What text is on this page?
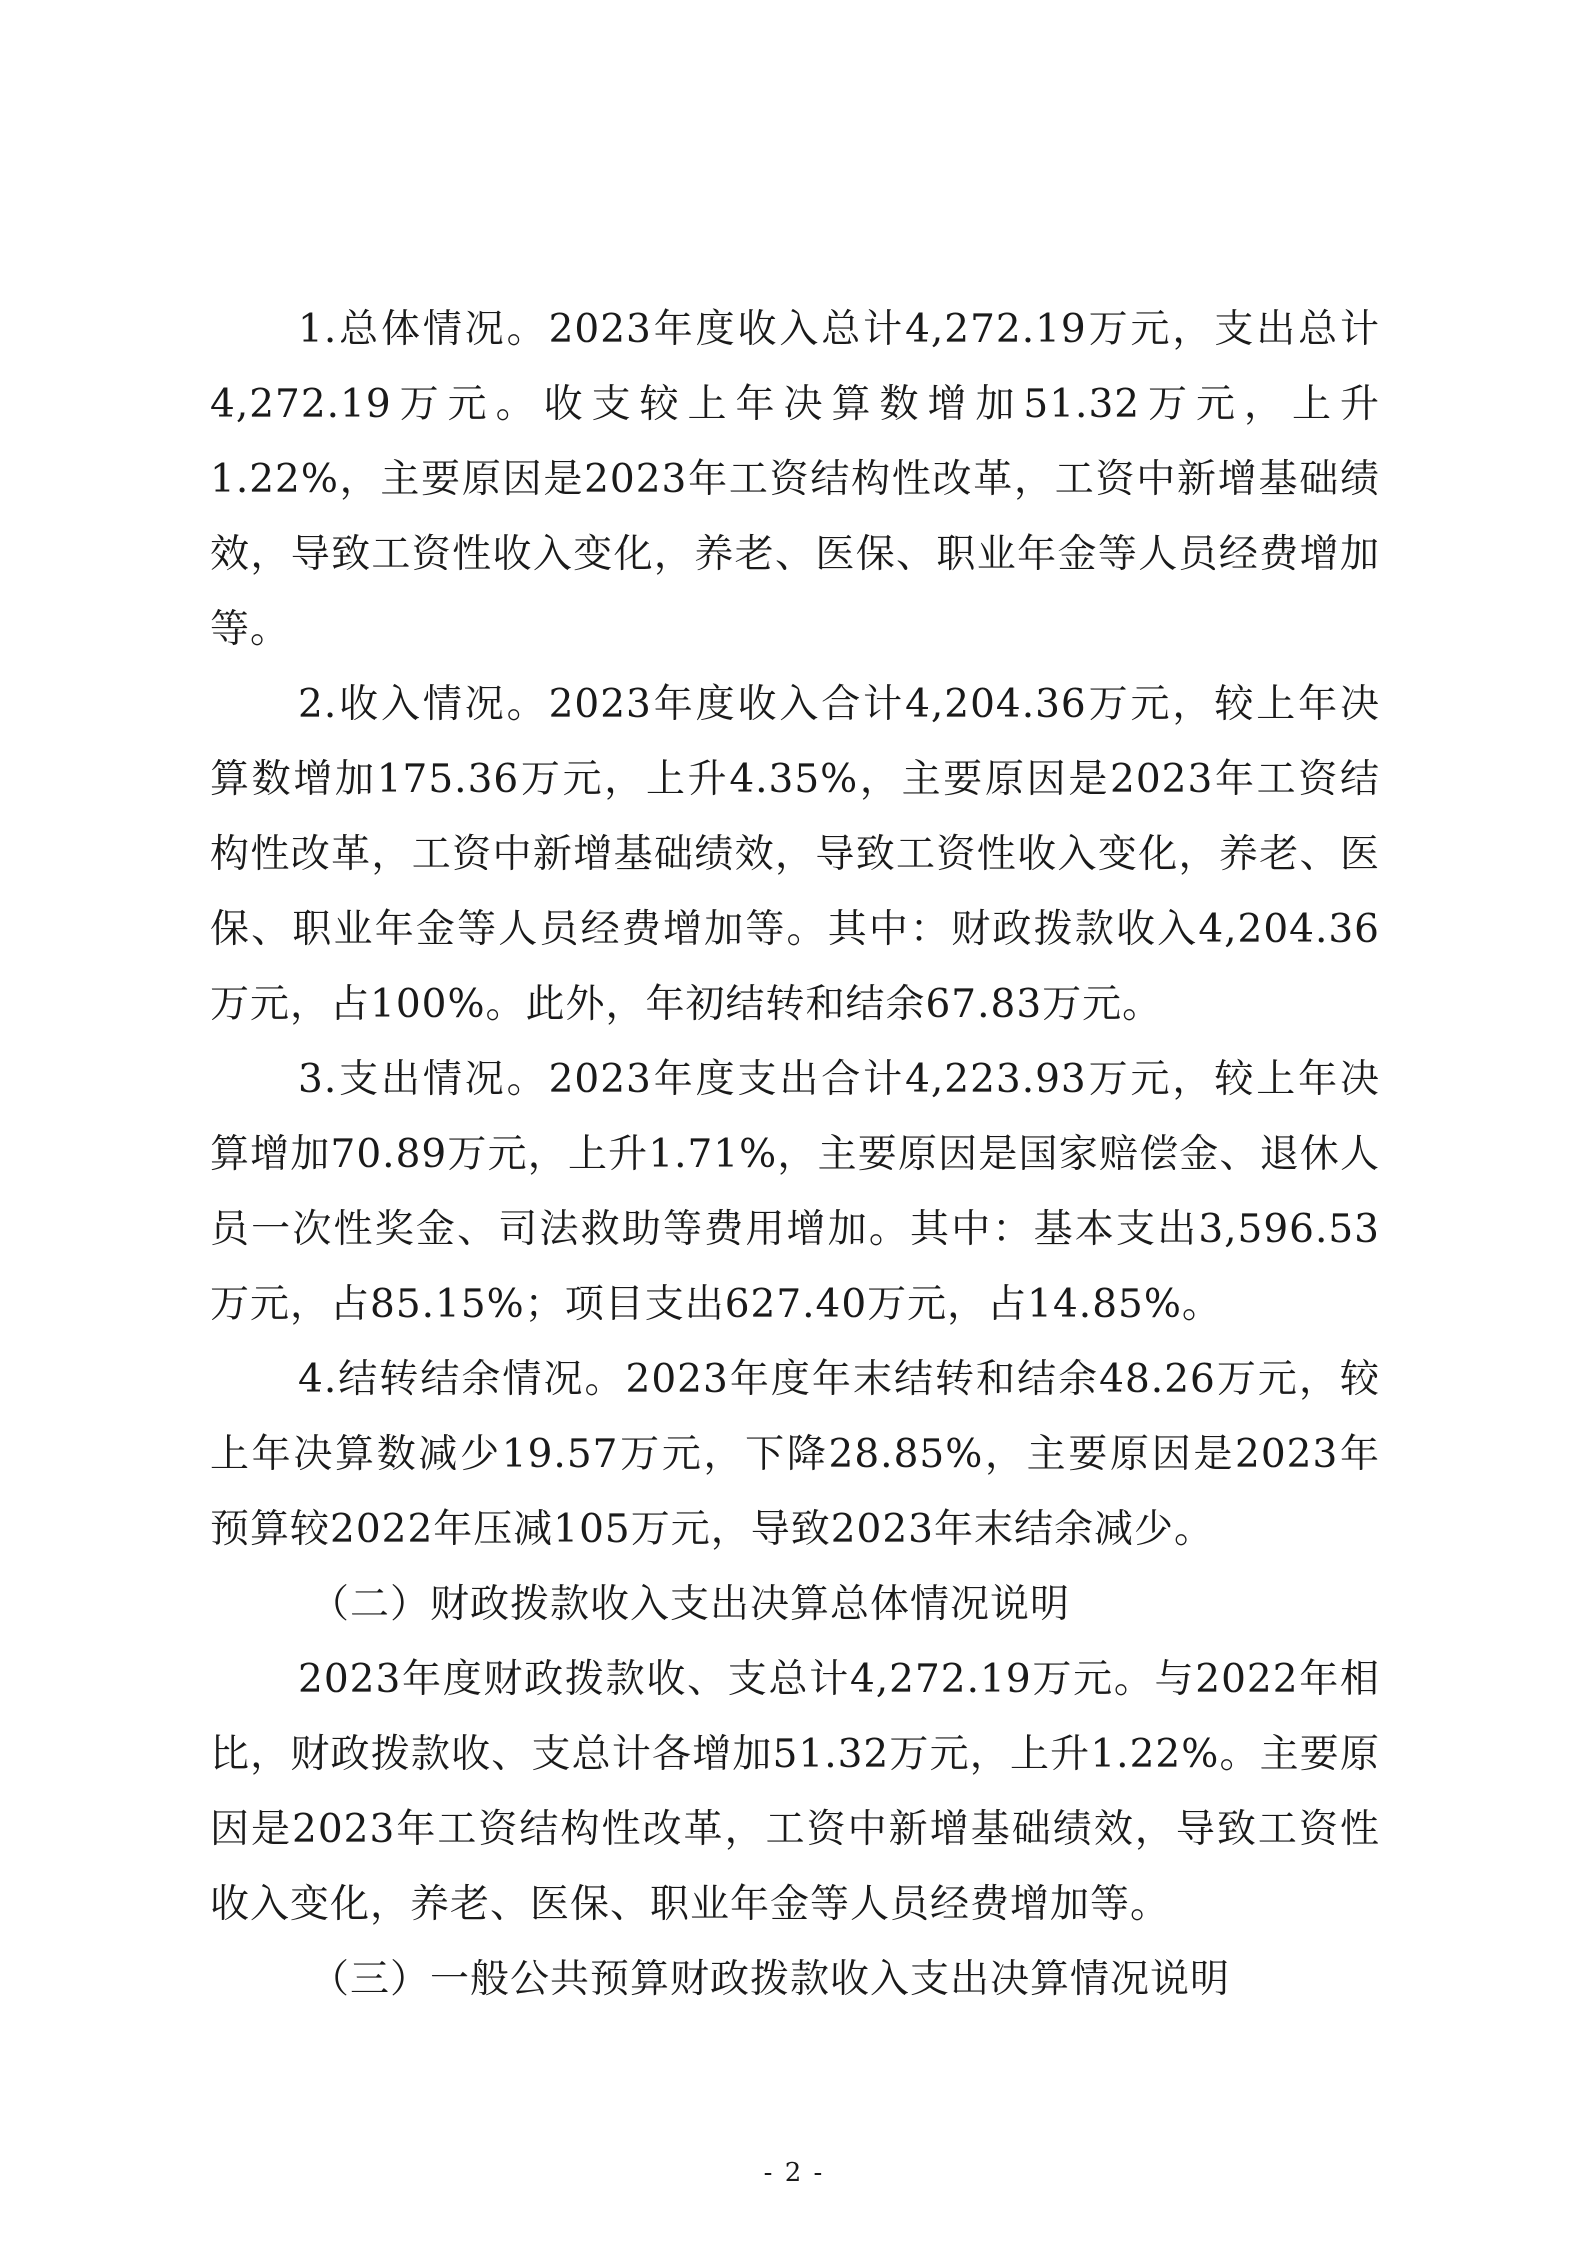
1.总体情况。2023年度收入总计4,272.19万元，支出总计4,272.19万元。收支较上年决算数增加51.32万元，上升1.22%，主要原因是2023年工资结构性改革，工资中新增基础绩效，导致工资性收入变化，养老、医保、职业年金等人员经费增加等。

2.收入情况。2023年度收入合计4,204.36万元，较上年决算数增加175.36万元，上升4.35%，主要原因是2023年工资结构性改革，工资中新增基础绩效，导致工资性收入变化，养老、医保、职业年金等人员经费增加等。其中：财政拨款收入4,204.36万元，占100%。此外，年初结转和结余67.83万元。

3.支出情况。2023年度支出合计4,223.93万元，较上年决算增加70.89万元，上升1.71%，主要原因是国家赔偿金、退休人员一次性奖金、司法救助等费用增加。其中：基本支出3,596.53万元，占85.15%；项目支出627.40万元，占14.85%。

4.结转结余情况。2023年度年末结转和结余48.26万元，较上年决算数减少19.57万元，下降28.85%，主要原因是2023年预算较2022年压减105万元，导致2023年末结余减少。

（二）财政拨款收入支出决算总体情况说明

2023年度财政拨款收、支总计4,272.19万元。与2022年相比，财政拨款收、支总计各增加51.32万元，上升1.22%。主要原因是2023年工资结构性改革，工资中新增基础绩效，导致工资性收入变化，养老、医保、职业年金等人员经费增加等。

（三）一般公共预算财政拨款收入支出决算情况说明

- 2 -
